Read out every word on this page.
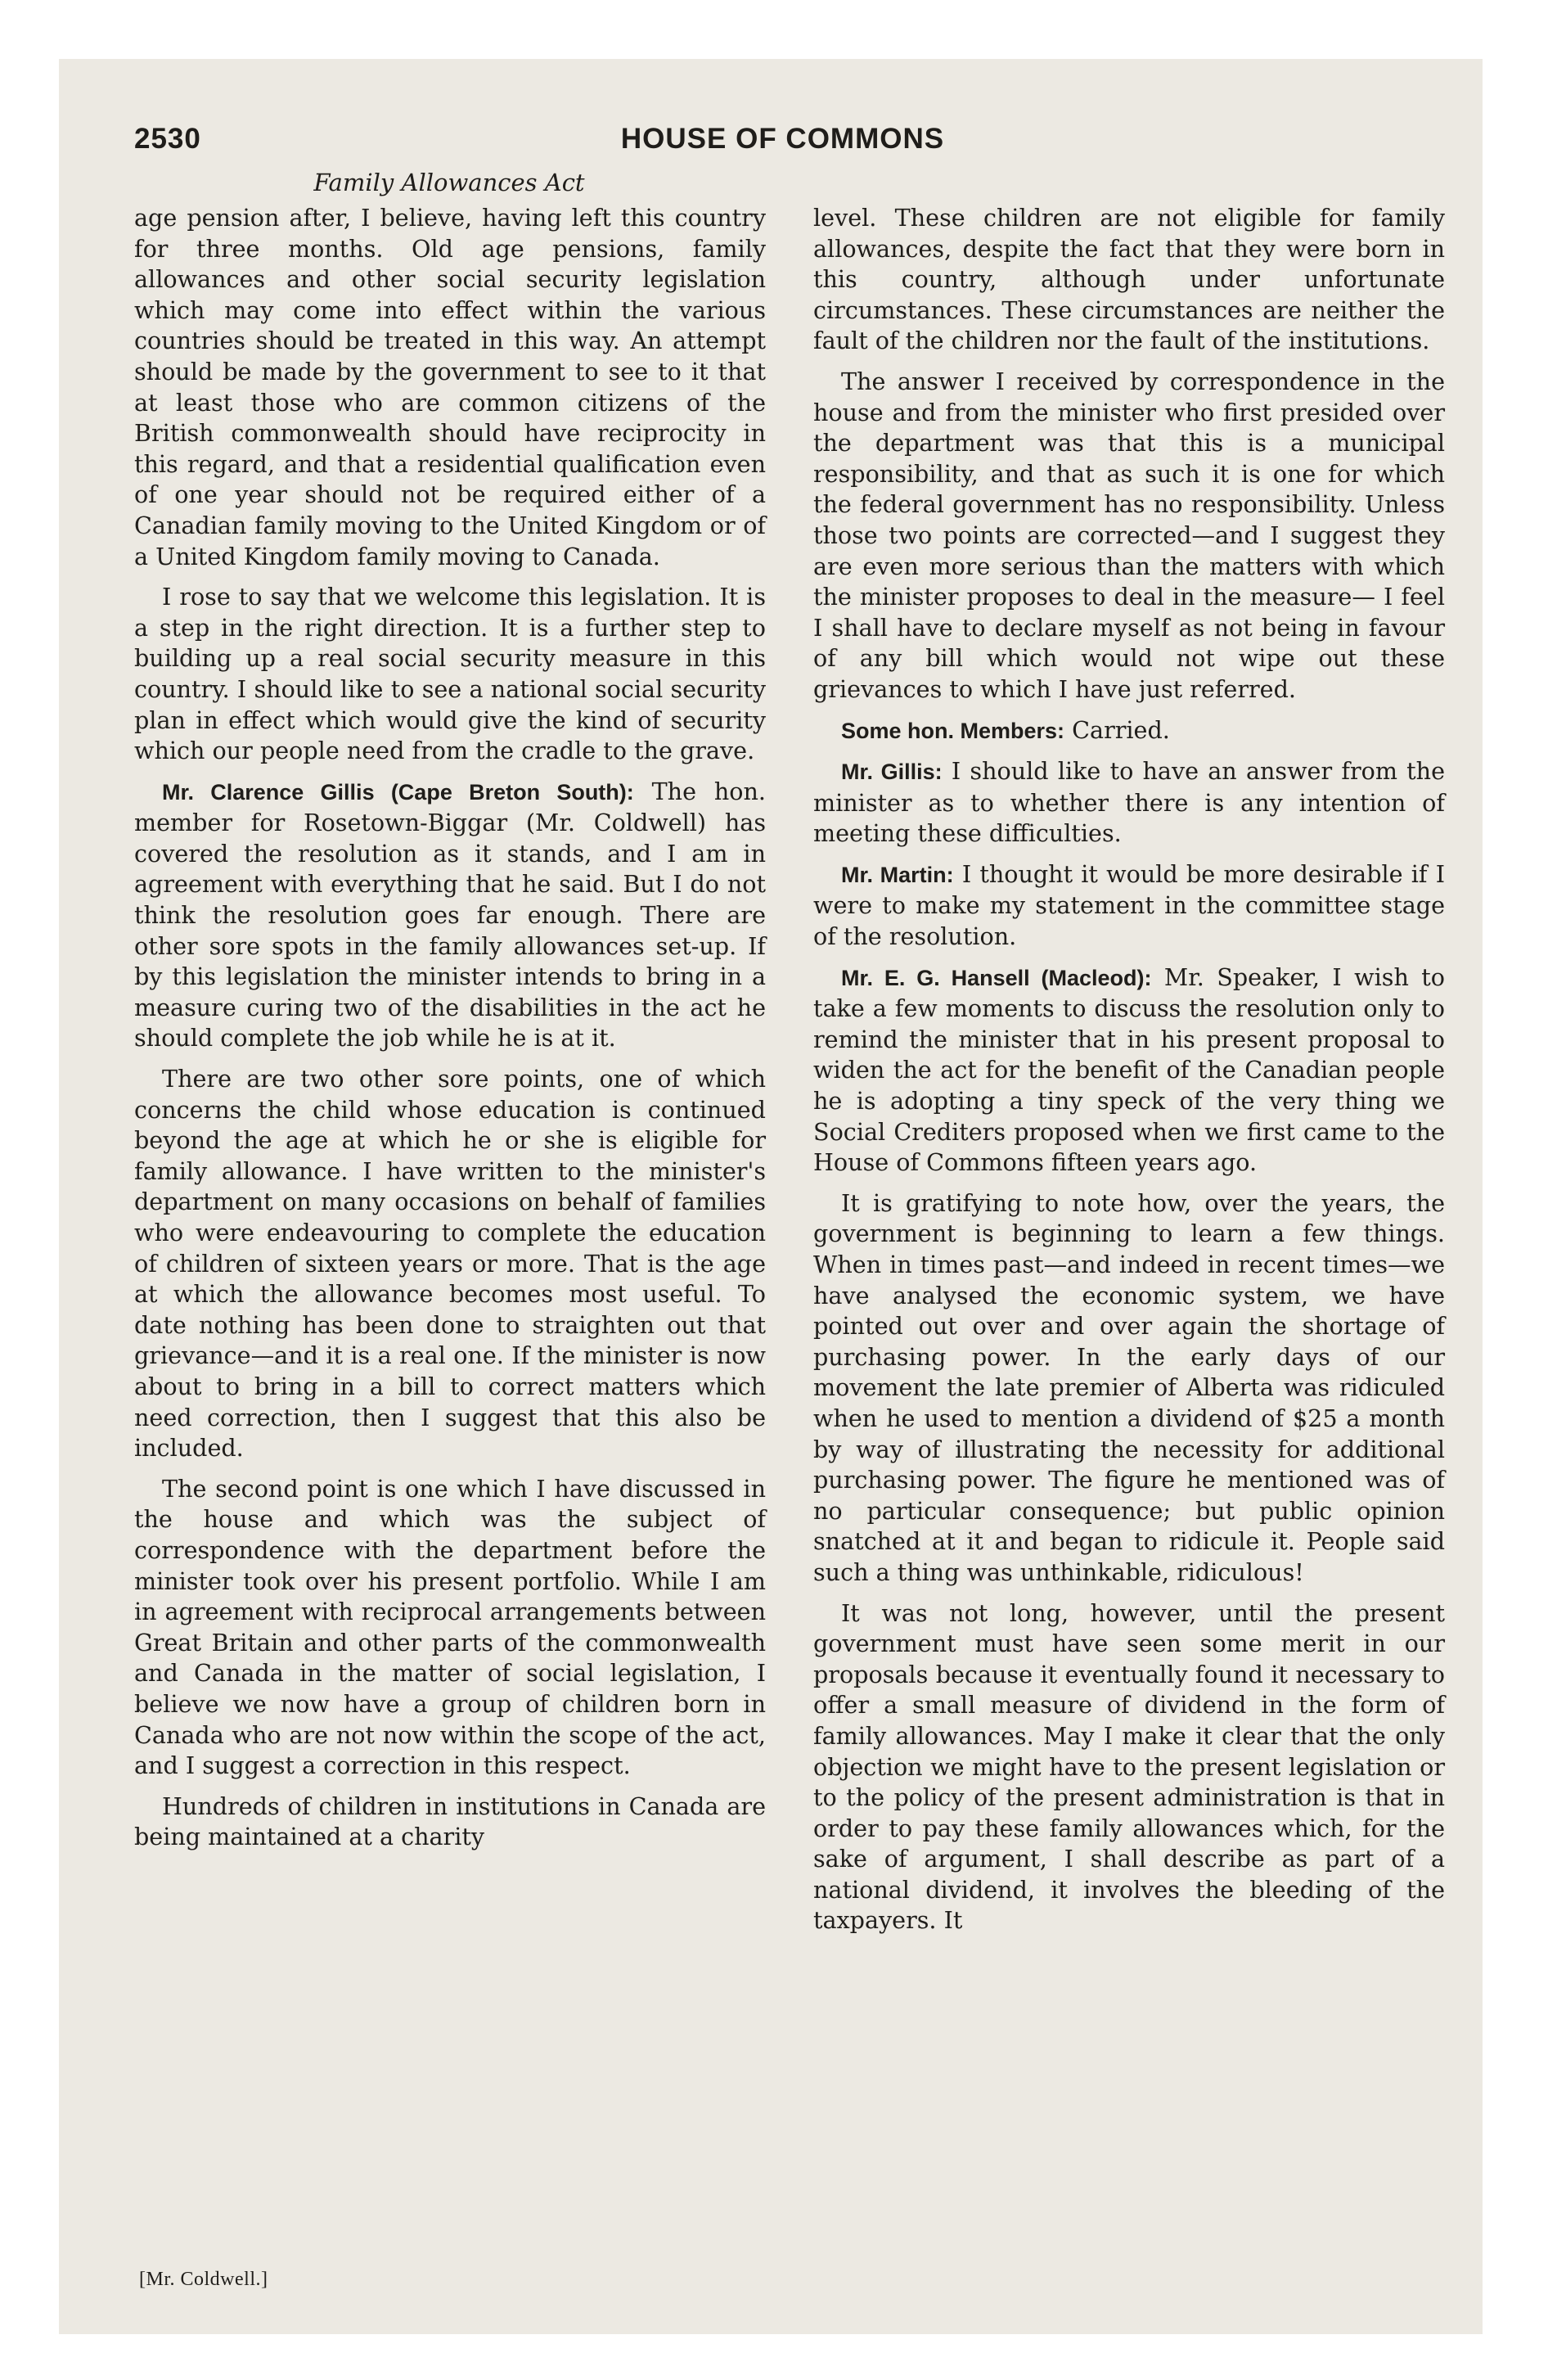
2530	HOUSE OF COMMONS
Family Allowances Act

age pension after, I believe, having left this country for three months. Old age pensions, family allowances and other social security legislation which may come into effect within the various countries should be treated in this way. An attempt should be made by the government to see to it that at least those who are common citizens of the British commonwealth should have reciprocity in this regard, and that a residential qualification even of one year should not be required either of a Canadian family moving to the United Kingdom or of a United Kingdom family moving to Canada.

I rose to say that we welcome this legislation. It is a step in the right direction. It is a further step to building up a real social security measure in this country. I should like to see a national social security plan in effect which would give the kind of security which our people need from the cradle to the grave.

Mr. Clarence Gillis (Cape Breton South): The hon. member for Rosetown-Biggar (Mr. Coldwell) has covered the resolution as it stands, and I am in agreement with everything that he said. But I do not think the resolution goes far enough. There are other sore spots in the family allowances set-up. If by this legislation the minister intends to bring in a measure curing two of the disabilities in the act he should complete the job while he is at it.

There are two other sore points, one of which concerns the child whose education is continued beyond the age at which he or she is eligible for family allowance. I have written to the minister's department on many occasions on behalf of families who were endeavouring to complete the education of children of sixteen years or more. That is the age at which the allowance becomes most useful. To date nothing has been done to straighten out that grievance—and it is a real one. If the minister is now about to bring in a bill to correct matters which need correction, then I suggest that this also be included.

The second point is one which I have discussed in the house and which was the subject of correspondence with the department before the minister took over his present portfolio. While I am in agreement with reciprocal arrangements between Great Britain and other parts of the commonwealth and Canada in the matter of social legislation, I believe we now have a group of children born in Canada who are not now within the scope of the act, and I suggest a correction in this respect.

Hundreds of children in institutions in Canada are being maintained at a charity

level. These children are not eligible for family allowances, despite the fact that they were born in this country, although under unfortunate circumstances. These circumstances are neither the fault of the children nor the fault of the institutions.

The answer I received by correspondence in the house and from the minister who first presided over the department was that this is a municipal responsibility, and that as such it is one for which the federal government has no responsibility. Unless those two points are corrected—and I suggest they are even more serious than the matters with which the minister proposes to deal in the measure— I feel I shall have to declare myself as not being in favour of any bill which would not wipe out these grievances to which I have just referred.

Some hon. Members: Carried.

Mr. Gillis: I should like to have an answer from the minister as to whether there is any intention of meeting these difficulties.

Mr. Martin: I thought it would be more desirable if I were to make my statement in the committee stage of the resolution.

Mr. E. G. Hansell (Macleod): Mr. Speaker, I wish to take a few moments to discuss the resolution only to remind the minister that in his present proposal to widen the act for the benefit of the Canadian people he is adopting a tiny speck of the very thing we Social Crediters proposed when we first came to the House of Commons fifteen years ago.

It is gratifying to note how, over the years, the government is beginning to learn a few things. When in times past—and indeed in recent times—we have analysed the economic system, we have pointed out over and over again the shortage of purchasing power. In the early days of our movement the late premier of Alberta was ridiculed when he used to mention a dividend of $25 a month by way of illustrating the necessity for additional purchasing power. The figure he mentioned was of no particular consequence; but public opinion snatched at it and began to ridicule it. People said such a thing was unthinkable, ridiculous!

It was not long, however, until the present government must have seen some merit in our proposals because it eventually found it necessary to offer a small measure of dividend in the form of family allowances. May I make it clear that the only objection we might have to the present legislation or to the policy of the present administration is that in order to pay these family allowances which, for the sake of argument, I shall describe as part of a national dividend, it involves the bleeding of the taxpayers. It

[Mr. Coldwell.]
